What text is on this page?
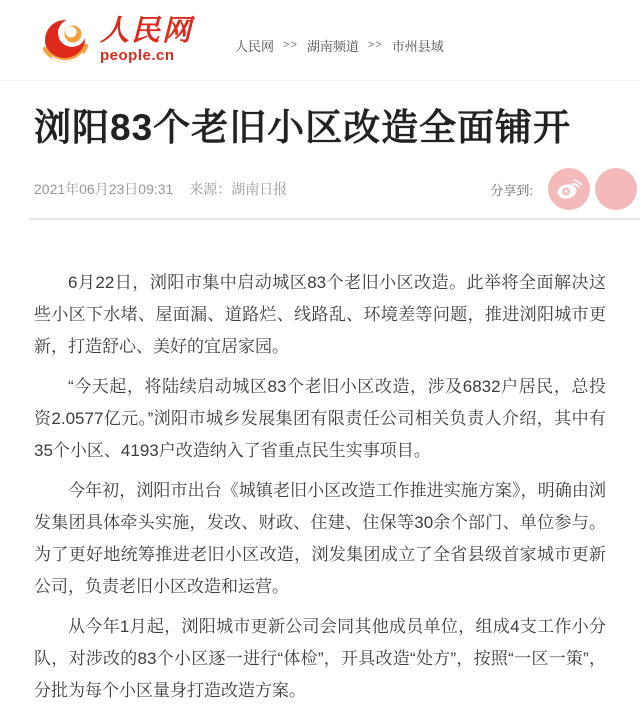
人民网
people.cn
人民网 >> 湖南频道 >> 市州县域
浏阳83个老旧小区改造全面铺开
2021年06月23日09:31 来源：湖南日报	分享到:

6月22日，浏阳市集中启动城区83个老旧小区改造。此举将全面解决这些小区下水堵、屋面漏、道路烂、线路乱、环境差等问题，推进浏阳城市更新，打造舒心、美好的宜居家园。

“今天起，将陆续启动城区83个老旧小区改造，涉及6832户居民，总投资2.0577亿元。”浏阳市城乡发展集团有限责任公司相关负责人介绍，其中有35个小区、4193户改造纳入了省重点民生实事项目。

今年初，浏阳市出台《城镇老旧小区改造工作推进实施方案》，明确由浏发集团具体牵头实施，发改、财政、住建、住保等30余个部门、单位参与。为了更好地统筹推进老旧小区改造，浏发集团成立了全省县级首家城市更新公司，负责老旧小区改造和运营。

从今年1月起，浏阳城市更新公司会同其他成员单位，组成4支工作小分队，对涉改的83个小区逐一进行“体检”，开具改造“处方”，按照“一区一策”，分批为每个小区量身打造改造方案。
